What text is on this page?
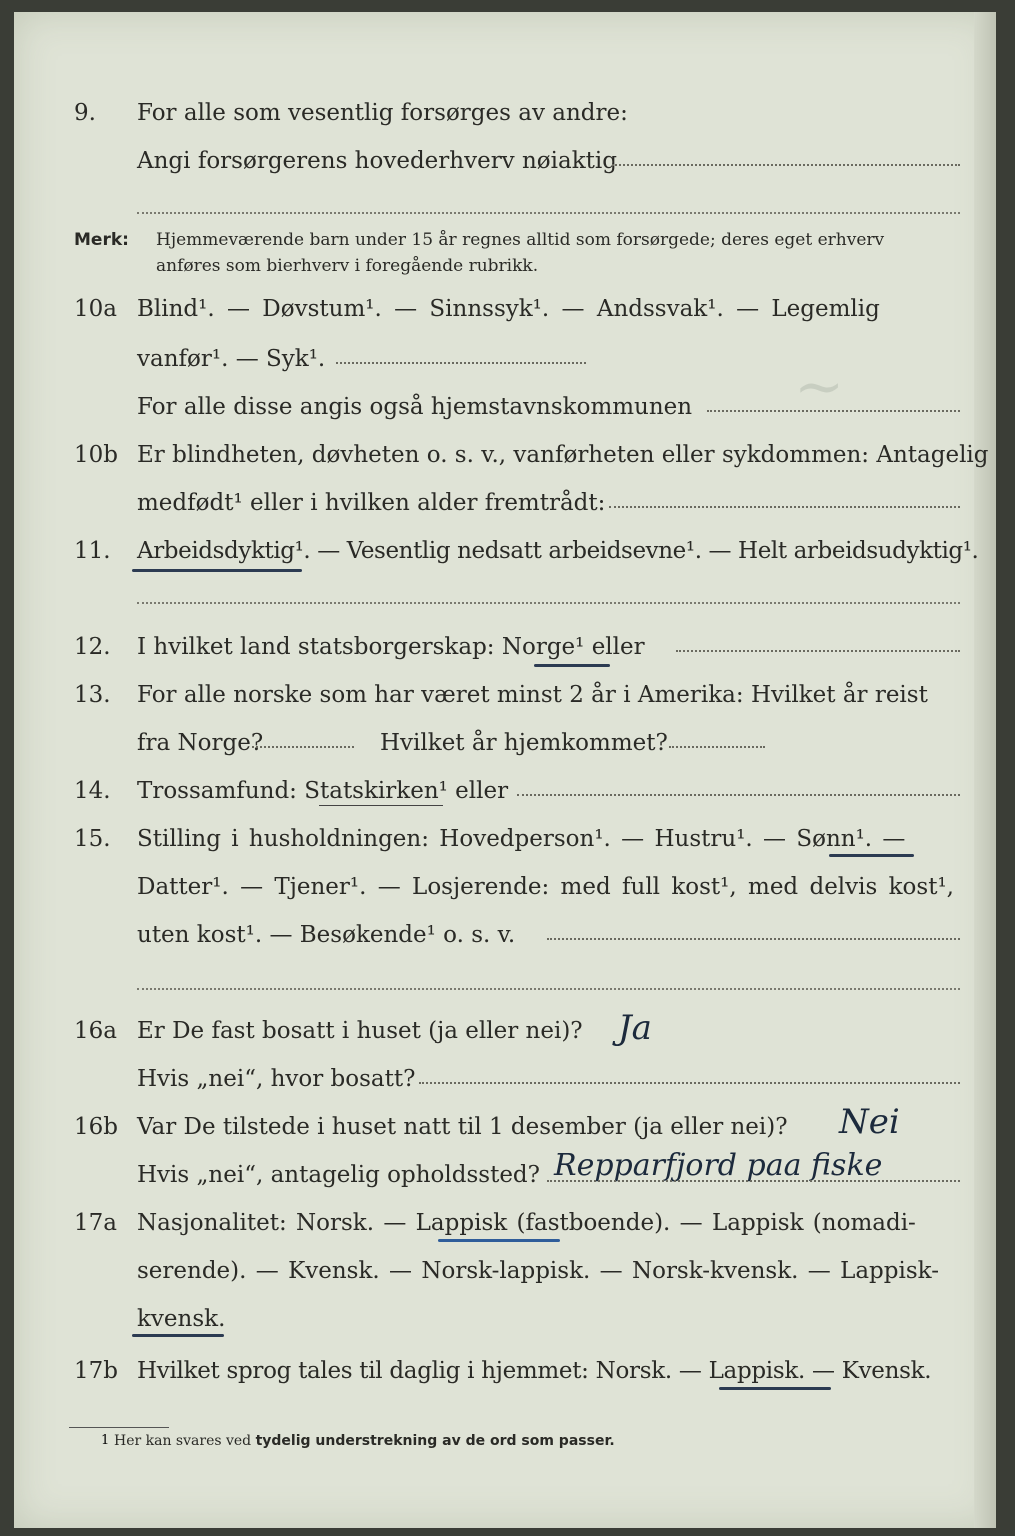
~
9. For alle som vesentlig forsørges av andre:
Angi forsørgerens hovederhverv nøiaktig
Merk: Hjemmeværende barn under 15 år regnes alltid som forsørgede; deres eget erhverv
anføres som bierhverv i foregående rubrikk.
10a Blind¹. — Døvstum¹. — Sinnssyk¹. — Andssvak¹. — Legemlig
vanfør¹. — Syk¹.
For alle disse angis også hjemstavnskommunen
10b Er blindheten, døvheten o. s. v., vanførheten eller sykdommen: Antagelig
medfødt¹ eller i hvilken alder fremtrådt:
11. Arbeidsdyktig¹. — Vesentlig nedsatt arbeidsevne¹. — Helt arbeidsudyktig¹.
12. I hvilket land statsborgerskap: Norge¹ eller
13. For alle norske som har været minst 2 år i Amerika: Hvilket år reist
fra Norge?	Hvilket år hjemkommet?
14. Trossamfund: Statskirken¹ eller
15. Stilling i husholdningen: Hovedperson¹. — Hustru¹. — Sønn¹. —
Datter¹. — Tjener¹. — Losjerende: med full kost¹, med delvis kost¹,
uten kost¹. — Besøkende¹ o. s. v.
16a Er De fast bosatt i huset (ja eller nei)? Ja
Hvis „nei“, hvor bosatt?
16b Var De tilstede i huset natt til 1 desember (ja eller nei)? Nei
Hvis „nei“, antagelig opholdssted? Repparfjord paa fiske
17a Nasjonalitet: Norsk. — Lappisk (fastboende). — Lappisk (nomadi-
serende). — Kvensk. — Norsk-lappisk. — Norsk-kvensk. — Lappisk-
kvensk.
17b Hvilket sprog tales til daglig i hjemmet: Norsk. — Lappisk. — Kvensk.
1 Her kan svares ved tydelig understrekning av de ord som passer.
